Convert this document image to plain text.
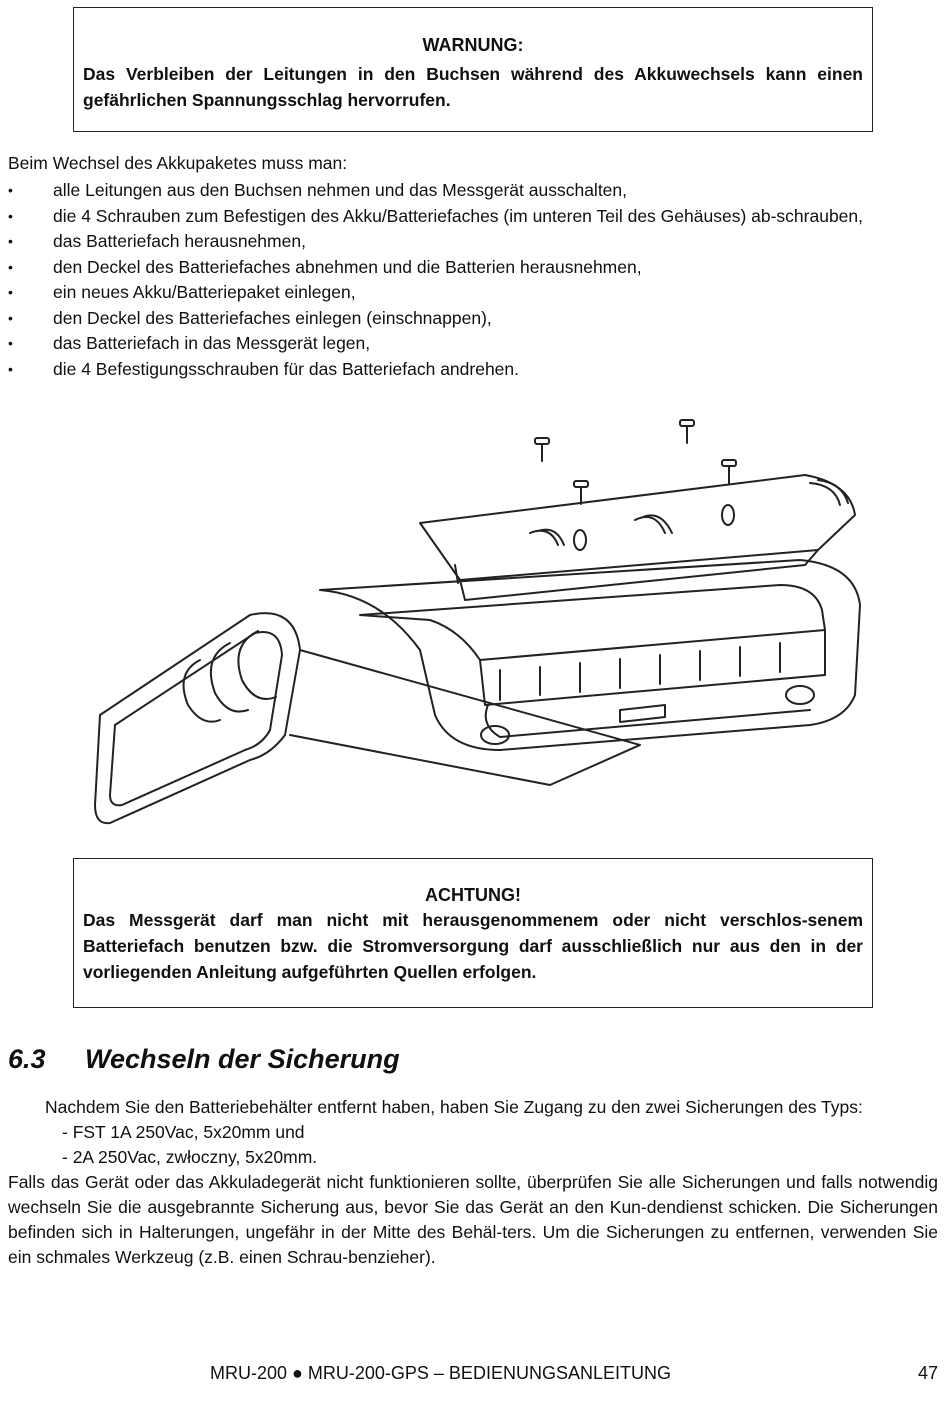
WARNUNG:
Das Verbleiben der Leitungen in den Buchsen während des Akkuwechsels kann einen gefährlichen Spannungsschlag hervorrufen.
Beim Wechsel des Akkupaketes muss man:
• alle Leitungen aus den Buchsen nehmen und das Messgerät ausschalten,
• die 4 Schrauben zum Befestigen des Akku/Batteriefaches (im unteren Teil des Gehäuses) ab-schrauben,
• das Batteriefach herausnehmen,
• den Deckel des Batteriefaches abnehmen und die Batterien herausnehmen,
• ein neues Akku/Batteriepaket einlegen,
• den Deckel des Batteriefaches einlegen (einschnappen),
• das Batteriefach in das Messgerät legen,
• die 4 Befestigungsschrauben für das Batteriefach andrehen.
ACHTUNG!
Das Messgerät darf man nicht mit herausgenommenem oder nicht verschlos-senem Batteriefach benutzen bzw. die Stromversorgung darf ausschließlich nur aus den in der vorliegenden Anleitung aufgeführten Quellen erfolgen.
6.3 Wechseln der Sicherung

Nachdem Sie den Batteriebehälter entfernt haben, haben Sie Zugang zu den zwei Sicherungen des Typs:

- FST 1A 250Vac, 5x20mm und

- 2A 250Vac, zwłoczny, 5x20mm.

Falls das Gerät oder das Akkuladegerät nicht funktionieren sollte, überprüfen Sie alle Sicherungen und falls notwendig wechseln Sie die ausgebrannte Sicherung aus, bevor Sie das Gerät an den Kun-dendienst schicken. Die Sicherungen befinden sich in Halterungen, ungefähr in der Mitte des Behäl-ters. Um die Sicherungen zu entfernen, verwenden Sie ein schmales Werkzeug (z.B. einen Schrau-benzieher).

MRU-200 ● MRU-200-GPS – BEDIENUNGSANLEITUNG	47
